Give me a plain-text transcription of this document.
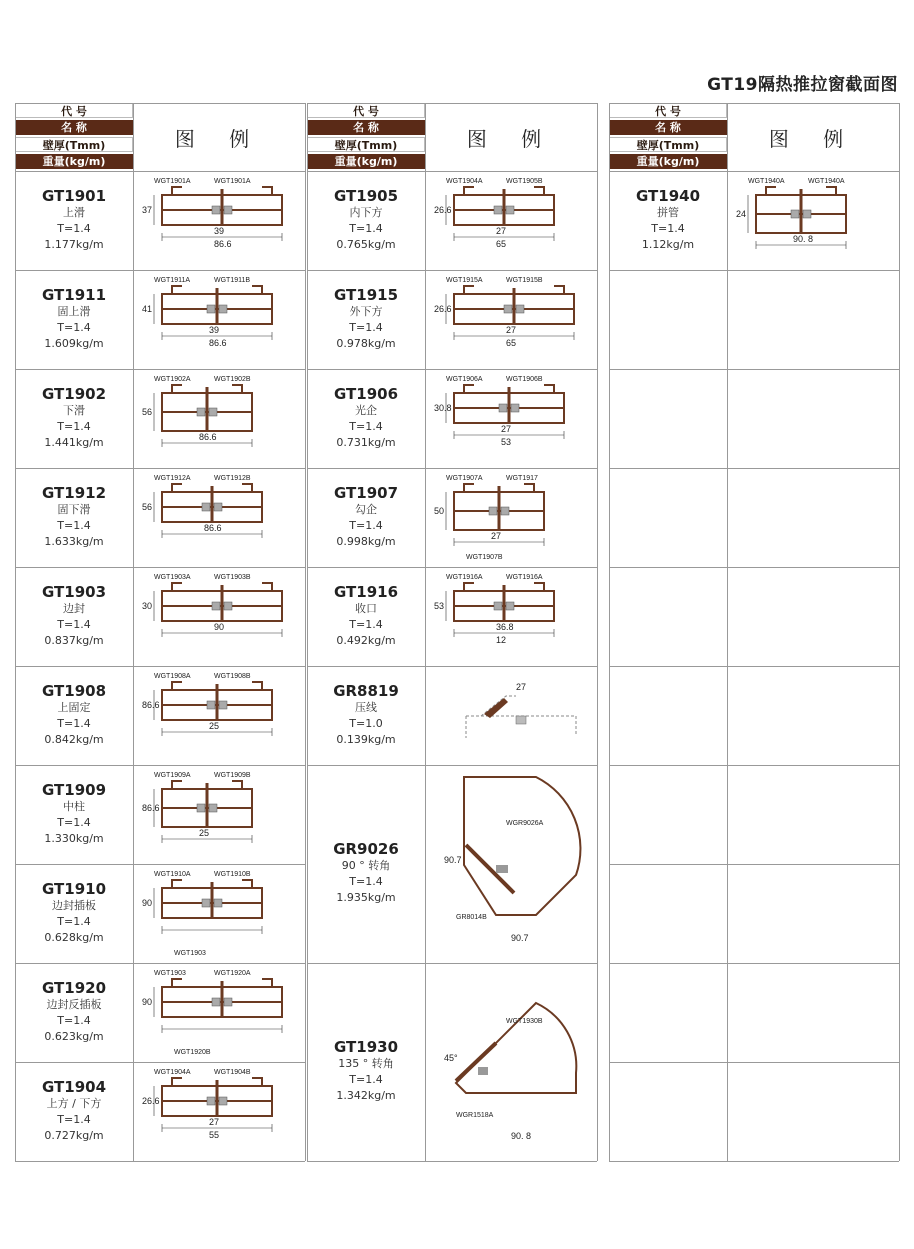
GT19隔热推拉窗截面图
代 号
名 称
壁厚(Tmm)
重量(kg/m)
图 例
GT1901
上滑
T=1.4
1.177kg/m
WGT1901A	WGT1901A
37
39
86.6
GT1911
固上滑
T=1.4
1.609kg/m
WGT1911A	WGT1911B
41
39
86.6
GT1902
下滑
T=1.4
1.441kg/m
WGT1902A	WGT1902B
56
86.6
GT1912
固下滑
T=1.4
1.633kg/m
WGT1912A	WGT1912B
56
86.6
GT1903
边封
T=1.4
0.837kg/m
WGT1903A	WGT1903B
30
90
GT1908
上固定
T=1.4
0.842kg/m
WGT1908A	WGT1908B
86.6
25
GT1909
中柱
T=1.4
1.330kg/m
WGT1909A	WGT1909B
86.6
25
GT1910
边封插板
T=1.4
0.628kg/m
WGT1910A	WGT1910B
WGT1903
90
GT1920
边封反插板
T=1.4
0.623kg/m
WGT1903	WGT1920A
WGT1920B
90
GT1904
上方 / 下方
T=1.4
0.727kg/m
WGT1904A	WGT1904B
26.6
27
55
代 号
名 称
壁厚(Tmm)
重量(kg/m)
图 例
GT1905
内下方
T=1.4
0.765kg/m
WGT1904A	WGT1905B
26.6
27
65
GT1915
外下方
T=1.4
0.978kg/m
WGT1915A	WGT1915B
26.6
27
65
GT1906
光企
T=1.4
0.731kg/m
WGT1906A	WGT1906B
30.8
27
53
GT1907
勾企
T=1.4
0.998kg/m
WGT1907A	WGT1917
WGT1907B
50
27
GT1916
收口
T=1.4
0.492kg/m
WGT1916A	WGT1916A
53
36.8
12
GR8819
压线
T=1.0
0.139kg/m
27
GR9026
90 ° 转角
T=1.4
1.935kg/m
WGR9026A
GR8014B
90.7
90.7
GT1930
135 ° 转角
T=1.4
1.342kg/m
WGT1930B
WGR1518A
45°
90. 8
代 号
名 称
壁厚(Tmm)
重量(kg/m)
图 例
GT1940
拼管
T=1.4
1.12kg/m
WGT1940A	WGT1940A
24
90. 8
